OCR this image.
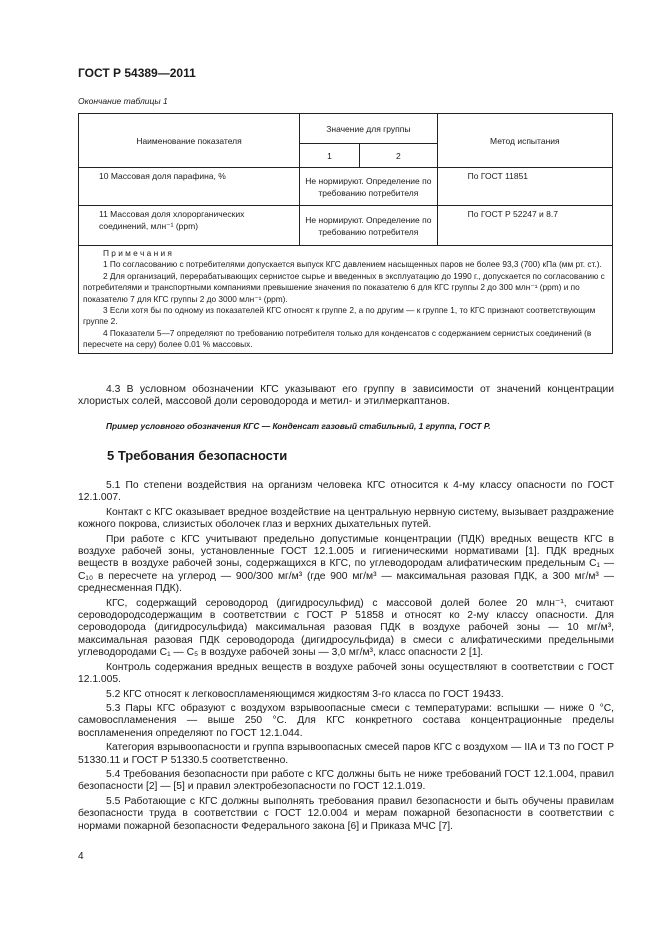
ГОСТ Р 54389—2011
Окончание таблицы 1
Наименование показателя	Значение для группы		Метод испытания
	1	2	
10 Массовая доля парафина, %	Не нормируют. Определение по требованию потребителя		По ГОСТ 11851
11 Массовая доля хлорорганических соединений, млн⁻¹ (ppm)	Не нормируют. Определение по требованию потребителя		По ГОСТ Р 52247 и 8.7

П р и м е ч а н и я
1 По согласованию с потребителями допускается выпуск КГС давлением насыщенных паров не более 93,3 (700) кПа (мм рт. ст.).
2 Для организаций, перерабатывающих сернистое сырье и введенных в эксплуатацию до 1990 г., допускается по согласованию с потребителями и транспортными компаниями превышение значения по показателю 6 для КГС группы 2 до 300 млн⁻¹ (ppm) и по показателю 7 для КГС группы 2 до 3000 млн⁻¹ (ppm).
3 Если хотя бы по одному из показателей КГС относят к группе 2, а по другим — к группе 1, то КГС признают соответствующим группе 2.
4 Показатели 5—7 определяют по требованию потребителя только для конденсатов с содержанием сернистых соединений (в пересчете на серу) более 0.01 % массовых.			

4.3 В условном обозначении КГС указывают его группу в зависимости от значений концентрации хлористых солей, массовой доли сероводорода и метил- и этилмеркаптанов.

Пример условного обозначения КГС — Конденсат газовый стабильный, 1 группа, ГОСТ Р.
5 Требования безопасности

5.1 По степени воздействия на организм человека КГС относится к 4-му классу опасности по ГОСТ 12.1.007.

Контакт с КГС оказывает вредное воздействие на центральную нервную систему, вызывает раздражение кожного покрова, слизистых оболочек глаз и верхних дыхательных путей.

При работе с КГС учитывают предельно допустимые концентрации (ПДК) вредных веществ КГС в воздухе рабочей зоны, установленные ГОСТ 12.1.005 и гигиеническими нормативами [1]. ПДК вредных веществ в воздухе рабочей зоны, содержащихся в КГС, по углеводородам алифатическим предельным С₁ — С₁₀ в пересчете на углерод — 900/300 мг/м³ (где 900 мг/м³ — максимальная разовая ПДК, а 300 мг/м³ — среднесменная ПДК).

КГС, содержащий сероводород (дигидросульфид) с массовой долей более 20 млн⁻¹, считают сероводородсодержащим в соответствии с ГОСТ Р 51858 и относят ко 2-му классу опасности. Для сероводорода (дигидросульфида) максимальная разовая ПДК в воздухе рабочей зоны — 10 мг/м³, максимальная разовая ПДК сероводорода (дигидросульфида) в смеси с алифатическими предельными углеводородами С₁ — С₅ в воздухе рабочей зоны — 3,0 мг/м³, класс опасности 2 [1].

Контроль содержания вредных веществ в воздухе рабочей зоны осуществляют в соответствии с ГОСТ 12.1.005.

5.2 КГС относят к легковоспламеняющимся жидкостям 3-го класса по ГОСТ 19433.

5.3 Пары КГС образуют с воздухом взрывоопасные смеси с температурами: вспышки — ниже 0 °С, самовоспламенения — выше 250 °С. Для КГС конкретного состава концентрационные пределы воспламенения определяют по ГОСТ 12.1.044.

Категория взрывоопасности и группа взрывоопасных смесей паров КГС с воздухом — IIA и Т3 по ГОСТ Р 51330.11 и ГОСТ Р 51330.5 соответственно.

5.4 Требования безопасности при работе с КГС должны быть не ниже требований ГОСТ 12.1.004, правил безопасности [2] — [5] и правил электробезопасности по ГОСТ 12.1.019.

5.5 Работающие с КГС должны выполнять требования правил безопасности и быть обучены правилам безопасности труда в соответствии с ГОСТ 12.0.004 и мерам пожарной безопасности в соответствии с нормами пожарной безопасности Федерального закона [6] и Приказа МЧС [7].

4
